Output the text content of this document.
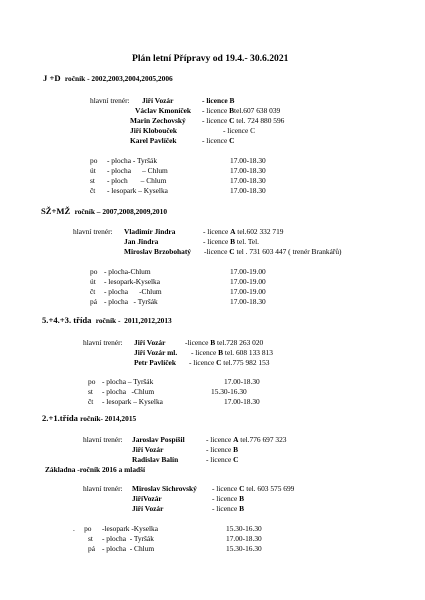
Plán letní Přípravy od 19.4.- 30.6.2021
J +D ročník - 2002,2003,2004,2005,2006
hlavní trenér: Jiří Vozár	- licence B
Václav Kmoníček - licence Btel.607 638 039
Marin Zechovský - licence C tel. 724 880 596
Jiří Klobouček	- licence C
Karel Pavlíček	- licence C
po - plocha - Tyršák	17.00-18.30
út - plocha      – Chlum	17.00-18.30
st - ploch       – Chlum	17.00-18.30
čt - lesopark – Kyselka	17.00-18.30
SŽ+MŽ ročník – 2007,2008,2009,2010
hlavní trenér: Vladimír Jindra	- licence A tel.602 332 719
Jan Jindra	- licence B tel. Tel.
Miroslav Brzobohatý -licence C tel . 731 603 447 ( trenér Brankářů)
po - plocha-Chlum	17.00-19.00
út - lesopark-Kyselka	17.00-19.00
čt - plocha      -Chlum	17.00-19.00
pá - plocha   - Tyršák	17.00-18.30
5.+4.+3. třída ročník -  2011,2012,2013
hlavní trenér: Jiří Vozár	-licence B tel.728 263 020
Jiří Vozár ml. - licence B tel. 608 133 813
Petr Pavlíček - licence C tel.775 982 153
po - plocha – Tyršák	17.00-18.30
st - plocha   -Chlum	15.30-16.30
čt - lesopark – Kyselka	17.00-18.30
2.+1.třída ročník- 2014,2015
hlavní trenér: Jaroslav Pospíšil	- licence A tel.776 697 323
Jiří Vozár	- licence B
Radislav Balín	- licence C
Základna -ročník 2016 a mladší
hlavní trenér: Miroslav Sichrovský - licence C tel. 603 575 699
JiříVozár	- licence B
Jiří Vozár	- licence B
.     po -lesopark -Kyselka	15.30-16.30
st - plocha  - Tyršák	17.00-18.30
pá - plocha  - Chlum	15.30-16.30
